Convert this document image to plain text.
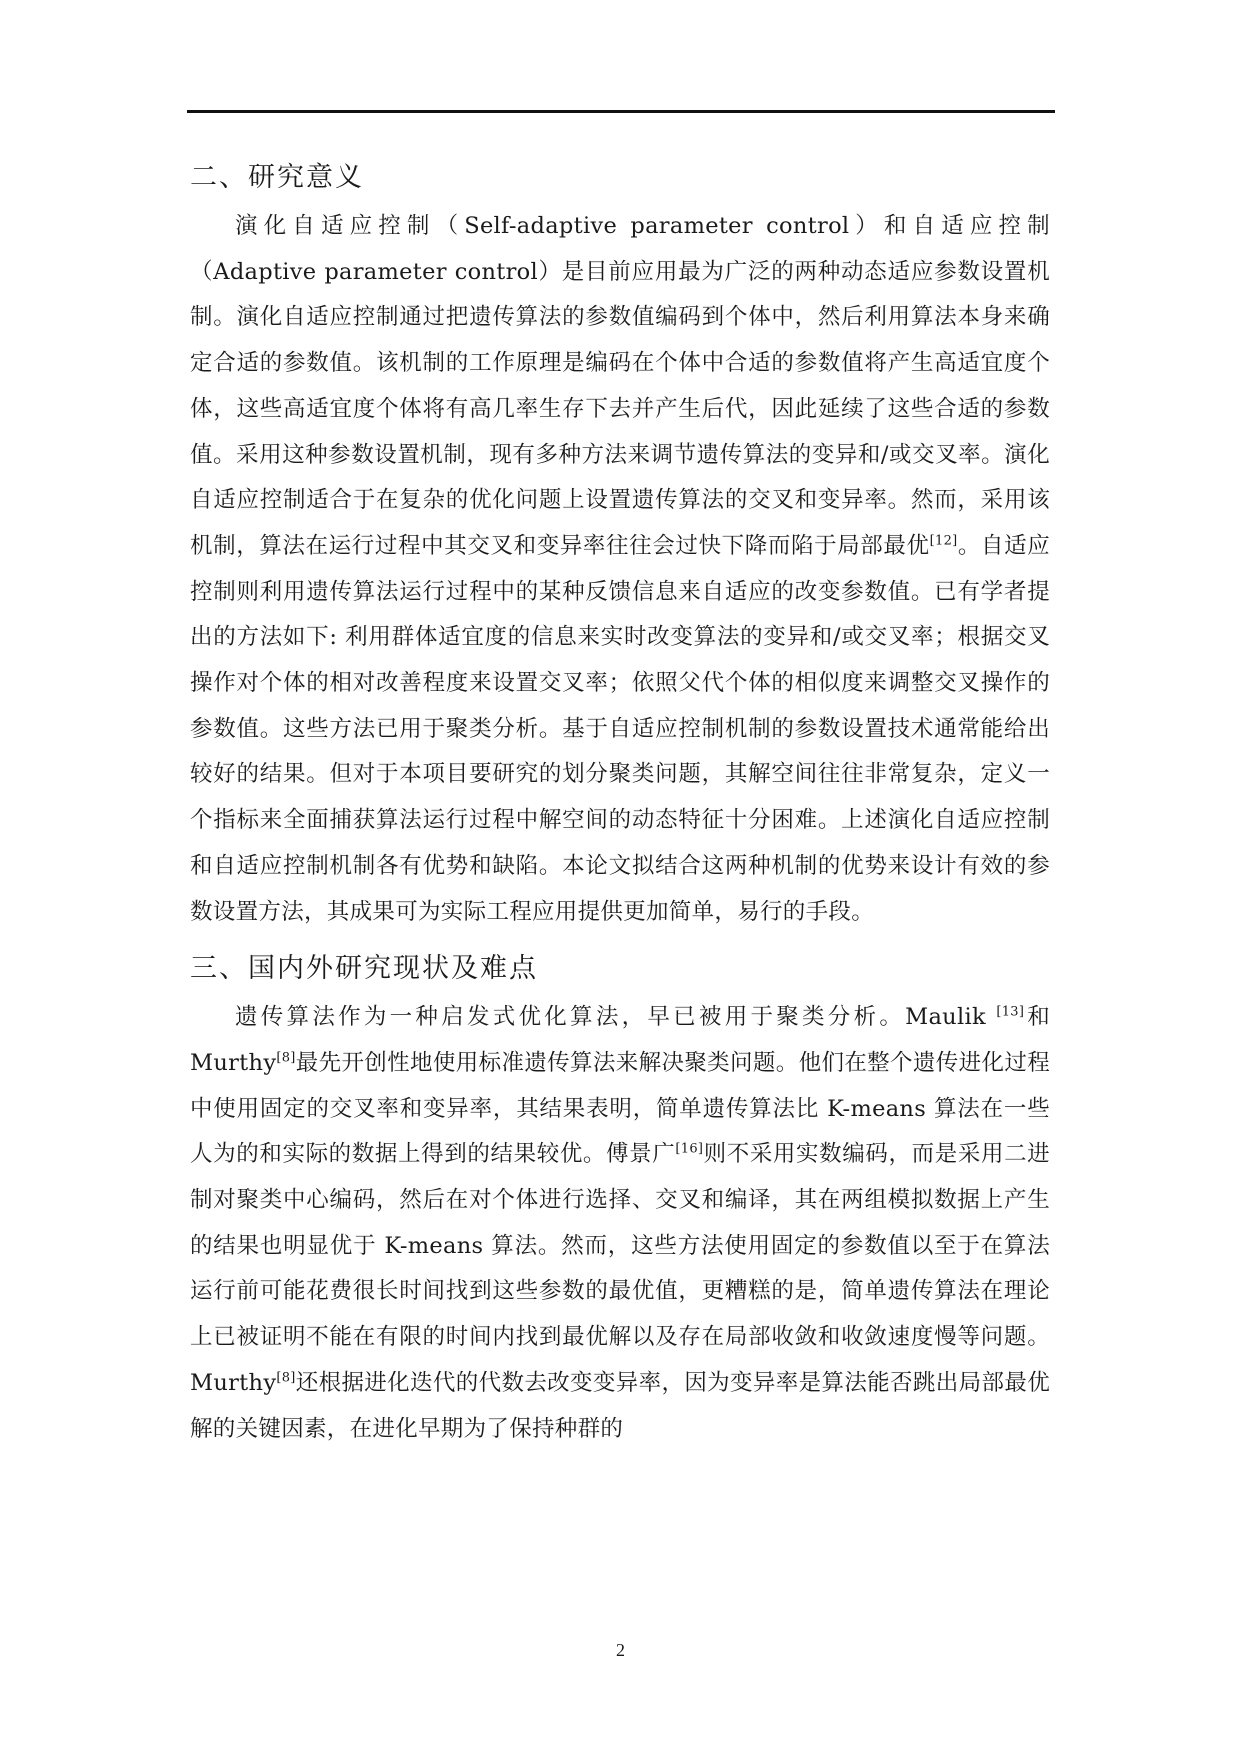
二、研究意义

演化自适应控制（Self-adaptive parameter control）和自适应控制（Adaptive parameter control）是目前应用最为广泛的两种动态适应参数设置机制。演化自适应控制通过把遗传算法的参数值编码到个体中，然后利用算法本身来确定合适的参数值。该机制的工作原理是编码在个体中合适的参数值将产生高适宜度个体，这些高适宜度个体将有高几率生存下去并产生后代，因此延续了这些合适的参数值。采用这种参数设置机制，现有多种方法来调节遗传算法的变异和/或交叉率。演化自适应控制适合于在复杂的优化问题上设置遗传算法的交叉和变异率。然而，采用该机制，算法在运行过程中其交叉和变异率往往会过快下降而陷于局部最优[12]。自适应控制则利用遗传算法运行过程中的某种反馈信息来自适应的改变参数值。已有学者提出的方法如下: 利用群体适宜度的信息来实时改变算法的变异和/或交叉率；根据交叉操作对个体的相对改善程度来设置交叉率；依照父代个体的相似度来调整交叉操作的参数值。这些方法已用于聚类分析。基于自适应控制机制的参数设置技术通常能给出较好的结果。但对于本项目要研究的划分聚类问题，其解空间往往非常复杂，定义一个指标来全面捕获算法运行过程中解空间的动态特征十分困难。上述演化自适应控制和自适应控制机制各有优势和缺陷。本论文拟结合这两种机制的优势来设计有效的参数设置方法，其成果可为实际工程应用提供更加简单，易行的手段。

三、国内外研究现状及难点

遗传算法作为一种启发式优化算法，早已被用于聚类分析。Maulik [13]和Murthy[8]最先开创性地使用标准遗传算法来解决聚类问题。他们在整个遗传进化过程中使用固定的交叉率和变异率，其结果表明，简单遗传算法比 K-means 算法在一些人为的和实际的数据上得到的结果较优。傅景广[16]则不采用实数编码，而是采用二进制对聚类中心编码，然后在对个体进行选择、交叉和编译，其在两组模拟数据上产生的结果也明显优于 K-means 算法。然而，这些方法使用固定的参数值以至于在算法运行前可能花费很长时间找到这些参数的最优值，更糟糕的是，简单遗传算法在理论上已被证明不能在有限的时间内找到最优解以及存在局部收敛和收敛速度慢等问题。Murthy[8]还根据进化迭代的代数去改变变异率，因为变异率是算法能否跳出局部最优解的关键因素，在进化早期为了保持种群的

2
